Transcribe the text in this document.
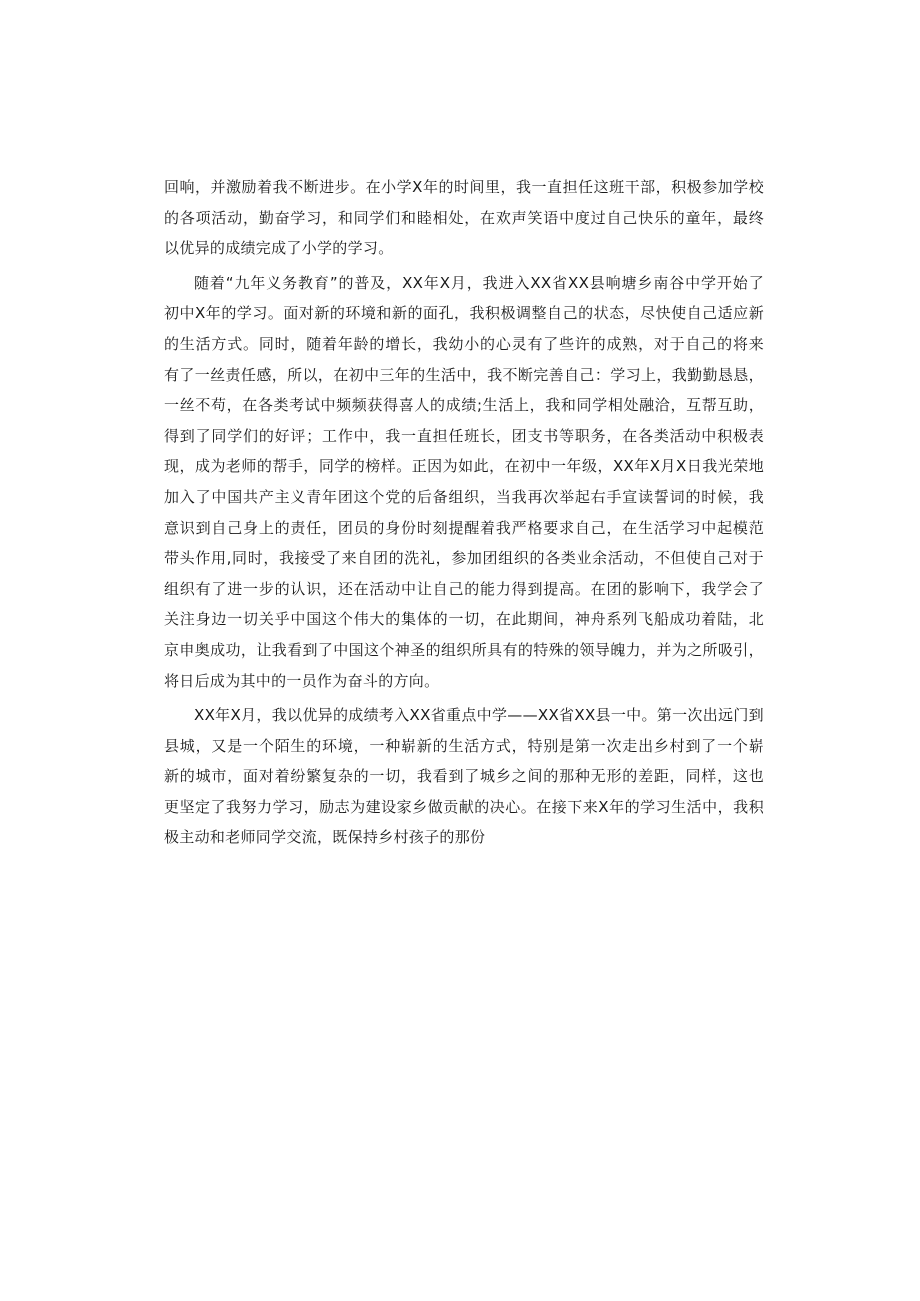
回响，并激励着我不断进步。在小学X年的时间里，我一直担任这班干部，积极参加学校
的各项活动，勤奋学习，和同学们和睦相处，在欢声笑语中度过自己快乐的童年，最终
以优异的成绩完成了小学的学习。
随着“九年义务教育”的普及，XX年X月，我进入XX省XX县响塘乡南谷中学开始了
初中X年的学习。面对新的环境和新的面孔，我积极调整自己的状态，尽快使自己适应新
的生活方式。同时，随着年龄的增长，我幼小的心灵有了些许的成熟，对于自己的将来
有了一丝责任感，所以，在初中三年的生活中，我不断完善自己：学习上，我勤勤恳恳，
一丝不苟，在各类考试中频频获得喜人的成绩;生活上，我和同学相处融洽，互帮互助，
得到了同学们的好评；工作中，我一直担任班长，团支书等职务，在各类活动中积极表
现，成为老师的帮手，同学的榜样。正因为如此，在初中一年级，XX年X月X日我光荣地
加入了中国共产主义青年团这个党的后备组织，当我再次举起右手宣读誓词的时候，我
意识到自己身上的责任，团员的身份时刻提醒着我严格要求自己，在生活学习中起模范
带头作用,同时，我接受了来自团的洗礼，参加团组织的各类业余活动，不但使自己对于
组织有了进一步的认识，还在活动中让自己的能力得到提高。在团的影响下，我学会了
关注身边一切关乎中国这个伟大的集体的一切，在此期间，神舟系列飞船成功着陆，北
京申奥成功，让我看到了中国这个神圣的组织所具有的特殊的领导魄力，并为之所吸引，
将日后成为其中的一员作为奋斗的方向。
XX年X月，我以优异的成绩考入XX省重点中学——XX省XX县一中。第一次出远门到
县城，又是一个陌生的环境，一种崭新的生活方式，特别是第一次走出乡村到了一个崭
新的城市，面对着纷繁复杂的一切，我看到了城乡之间的那种无形的差距，同样，这也
更坚定了我努力学习，励志为建设家乡做贡献的决心。在接下来X年的学习生活中，我积
极主动和老师同学交流，既保持乡村孩子的那份
